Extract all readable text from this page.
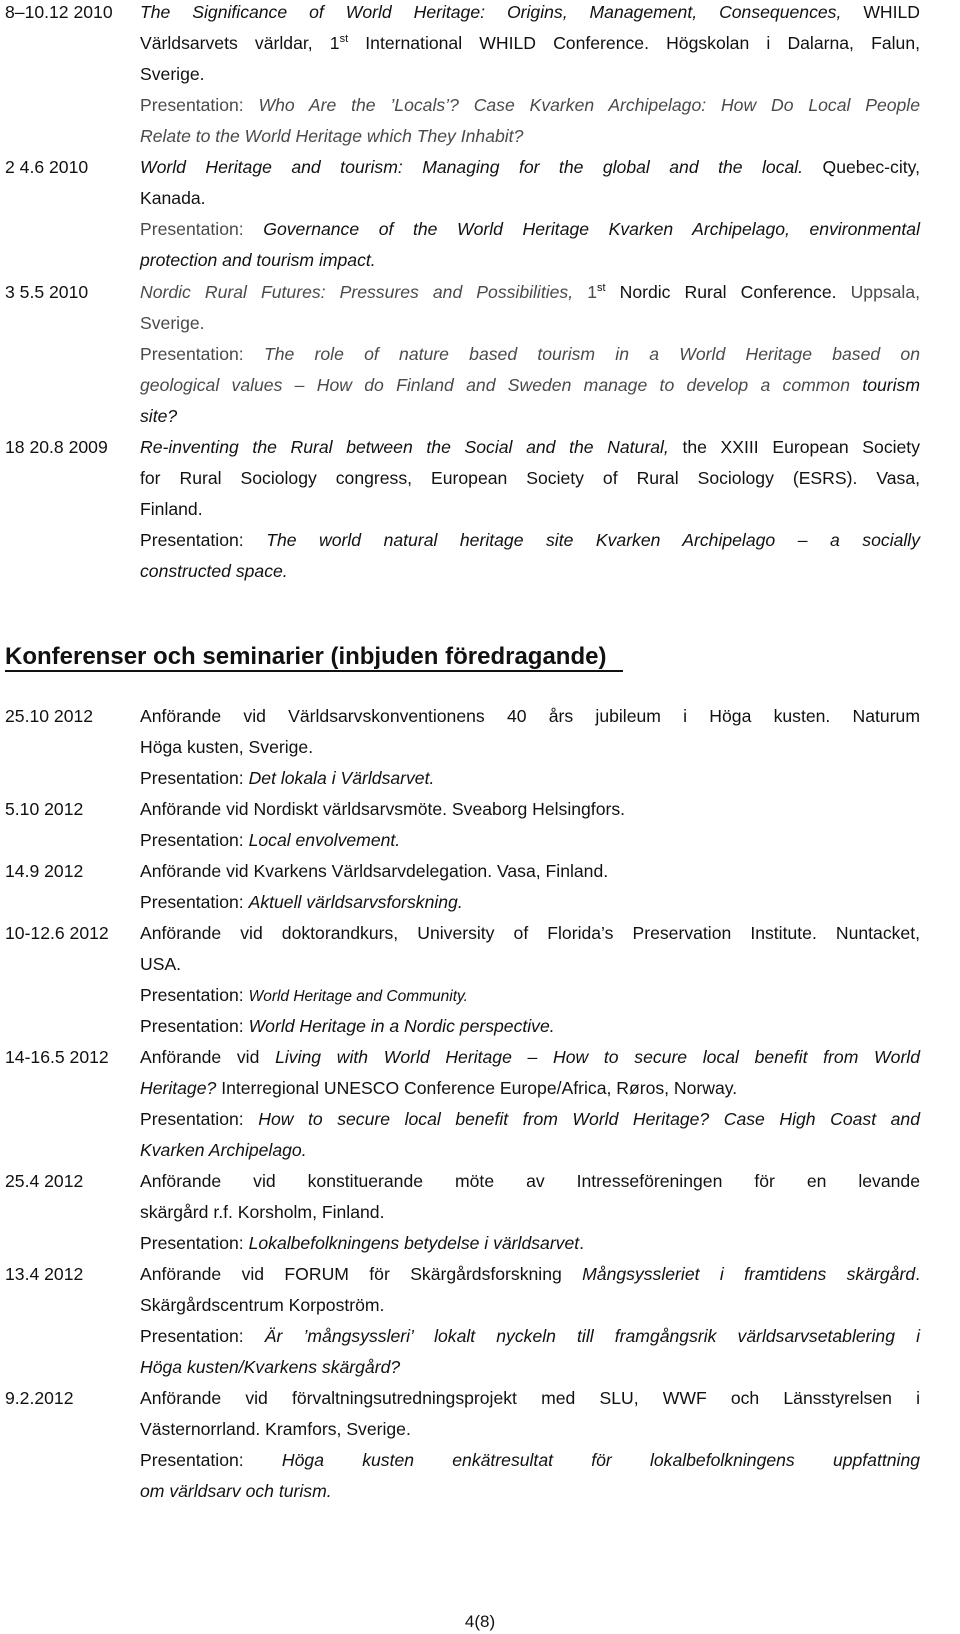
8–10.12 2010 The Significance of World Heritage: Origins, Management, Consequences, WHILD
Världsarvets världar, 1st International WHILD Conference. Högskolan i Dalarna, Falun,
Sverige.
Presentation: Who Are the ’Locals’? Case Kvarken Archipelago: How Do Local People
Relate to the World Heritage which They Inhabit?
2 4.6 2010	World Heritage and tourism: Managing for the global and the local. Quebec-city,
Kanada.
Presentation: Governance of the World Heritage Kvarken Archipelago, environmental
protection and tourism impact.
3 5.5 2010	Nordic Rural Futures: Pressures and Possibilities, 1st Nordic Rural Conference. Uppsala,
Sverige.
Presentation: The role of nature based tourism in a World Heritage based on
geological values – How do Finland and Sweden manage to develop a common tourism
site?
18 20.8 2009 Re-inventing the Rural between the Social and the Natural, the XXIII European Society
for Rural Sociology congress, European Society of Rural Sociology (ESRS). Vasa,
Finland.
Presentation: The world natural heritage site Kvarken Archipelago – a socially
constructed space.
Konferenser och seminarier (inbjuden föredragande)
25.10 2012	Anförande vid Världsarvskonventionens 40 års jubileum i Höga kusten. Naturum
Höga kusten, Sverige.
Presentation: Det lokala i Världsarvet.
5.10 2012	Anförande vid Nordiskt världsarvsmöte. Sveaborg Helsingfors.
Presentation: Local envolvement.
14.9 2012	Anförande vid Kvarkens Världsarvdelegation. Vasa, Finland.
Presentation: Aktuell världsarvsforskning.
10-12.6 2012 Anförande vid doktorandkurs, University of Florida’s Preservation Institute. Nuntacket,
USA.
Presentation: World Heritage and Community.
Presentation: World Heritage in a Nordic perspective.
14-16.5 2012 Anförande vid Living with World Heritage – How to secure local benefit from World
Heritage? Interregional UNESCO Conference Europe/Africa, Røros, Norway.
Presentation: How to secure local benefit from World Heritage? Case High Coast and
Kvarken Archipelago.
25.4 2012	Anförande vid konstituerande möte av Intresseföreningen för en levande
skärgård r.f. Korsholm, Finland.
Presentation: Lokalbefolkningens betydelse i världsarvet.
13.4 2012	Anförande vid FORUM för Skärgårdsforskning Mångsyssleriet i framtidens skärgård.
Skärgårdscentrum Korpoström.
Presentation: Är ’mångsyssleri’ lokalt nyckeln till framgångsrik världsarvsetablering i
Höga kusten/Kvarkens skärgård?
9.2.2012	Anförande vid förvaltningsutredningsprojekt med SLU, WWF och Länsstyrelsen i
Västernorrland. Kramfors, Sverige.
Presentation: Höga kusten enkätresultat för lokalbefolkningens uppfattning
om världsarv och turism.
4(8)
